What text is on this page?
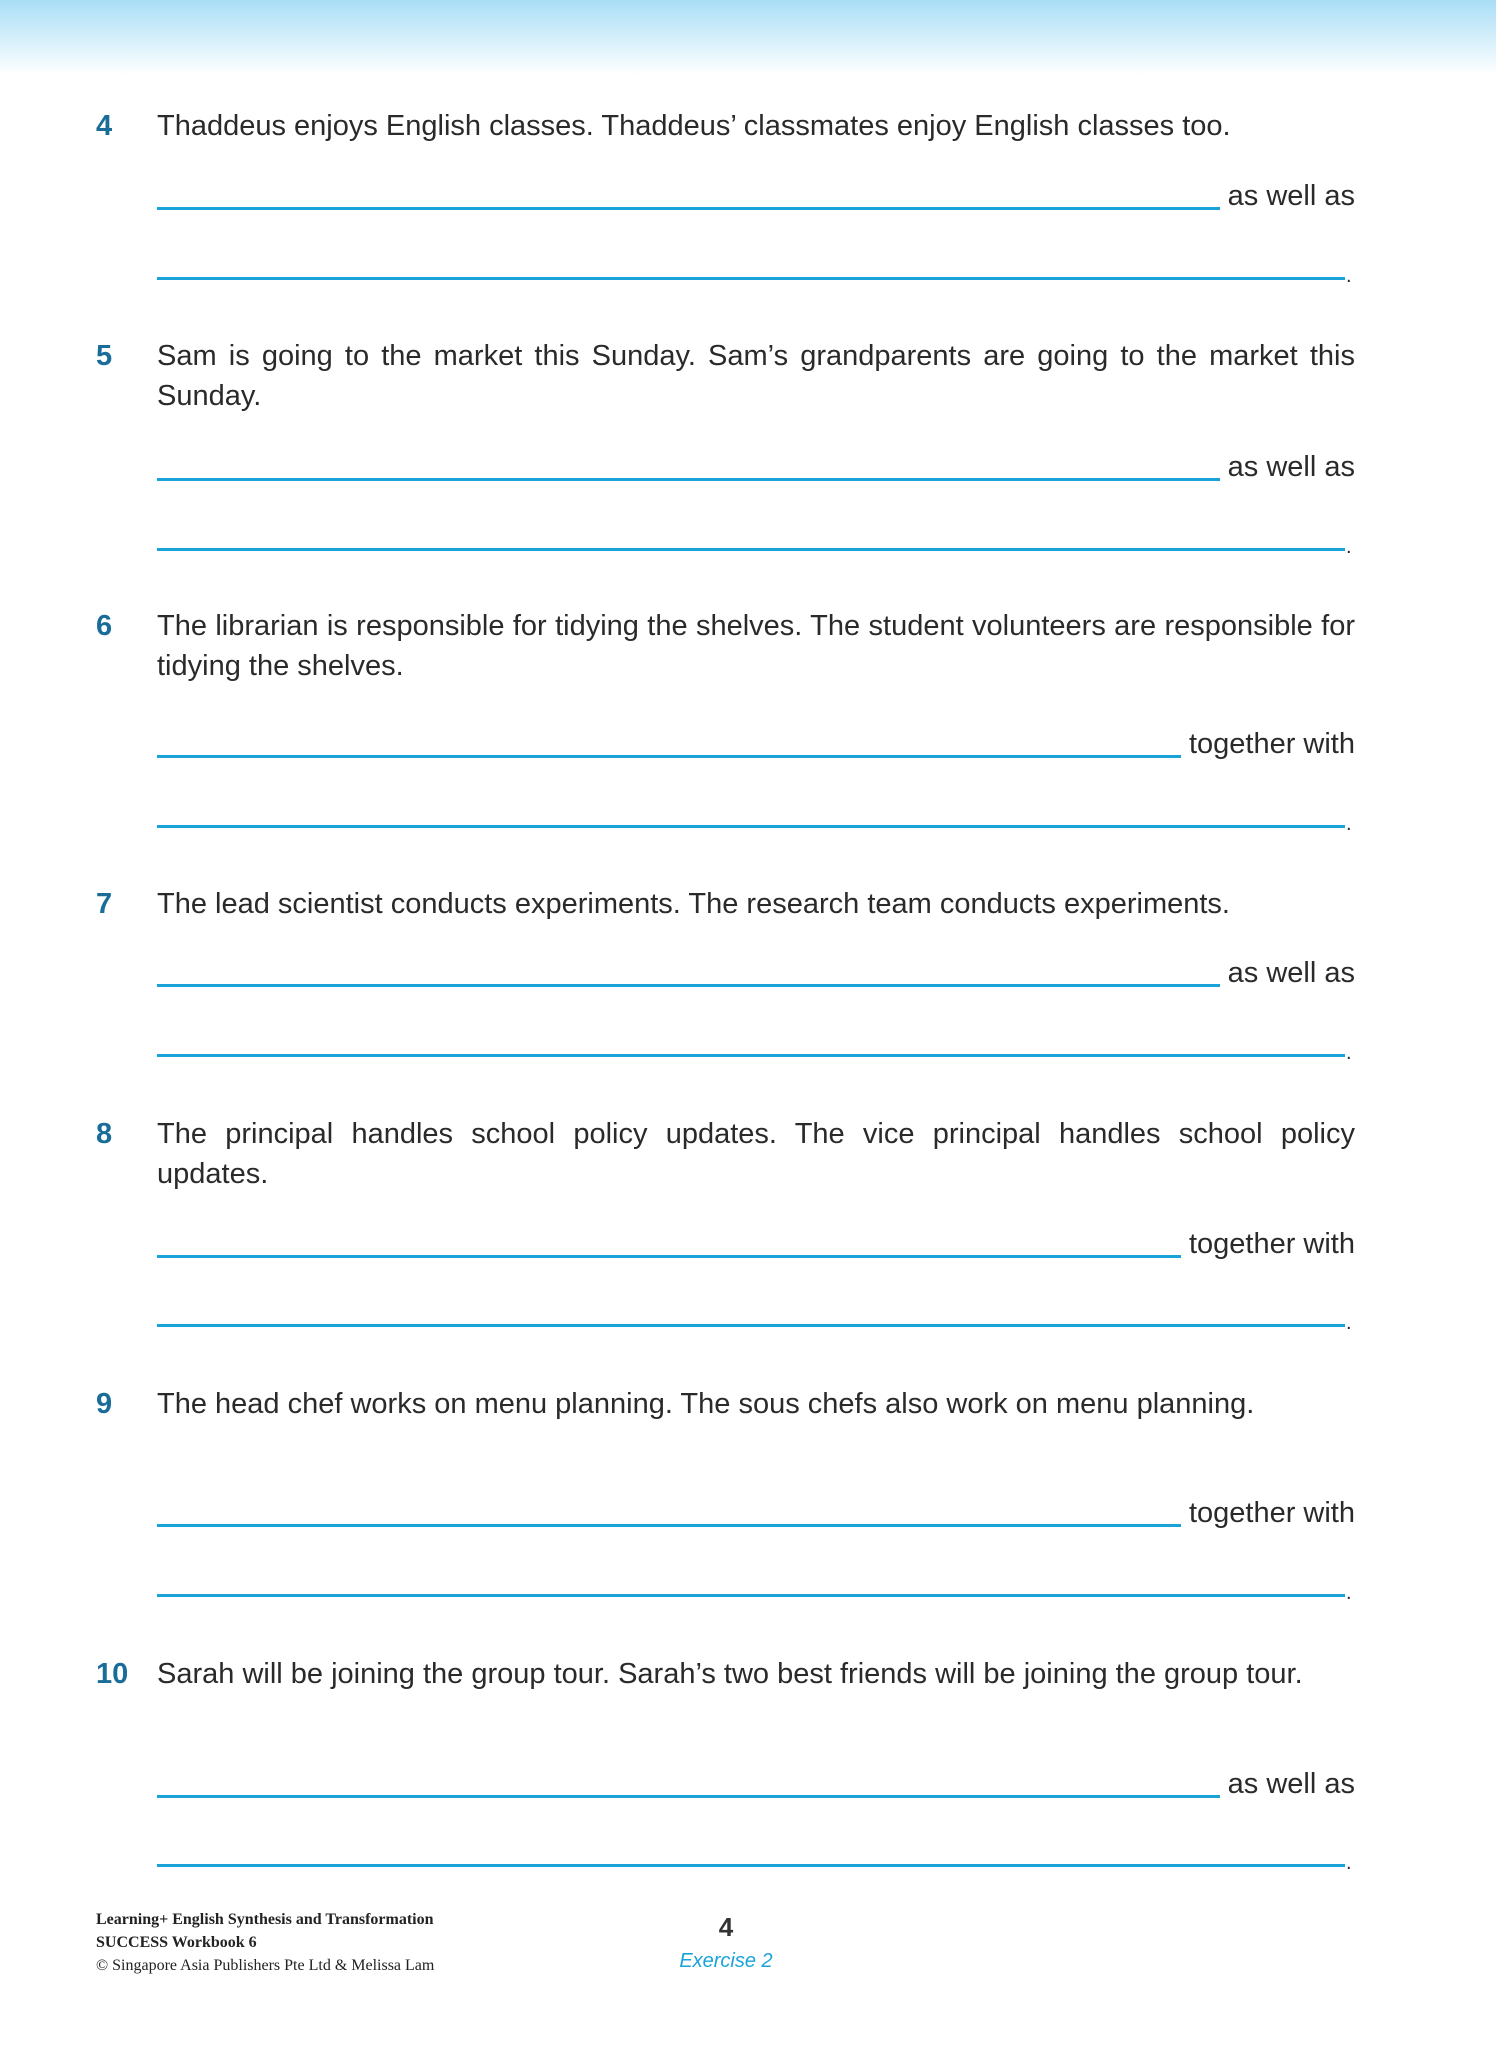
4 Thaddeus enjoys English classes. Thaddeus’ classmates enjoy English classes too.
as well as
.
5 Sam is going to the market this Sunday. Sam’s grandparents are going to the market this Sunday.
as well as
.
6 The librarian is responsible for tidying the shelves. The student volunteers are responsible for tidying the shelves.
together with
.
7 The lead scientist conducts experiments. The research team conducts experiments.
as well as
.
8 The principal handles school policy updates. The vice principal handles school policy updates.
together with
.
9 The head chef works on menu planning. The sous chefs also work on menu planning.
together with
.
10 Sarah will be joining the group tour. Sarah’s two best friends will be joining the group tour.
as well as
.
Learning+ English Synthesis and Transformation
SUCCESS Workbook 6
© Singapore Asia Publishers Pte Ltd & Melissa Lam
4
Exercise 2
